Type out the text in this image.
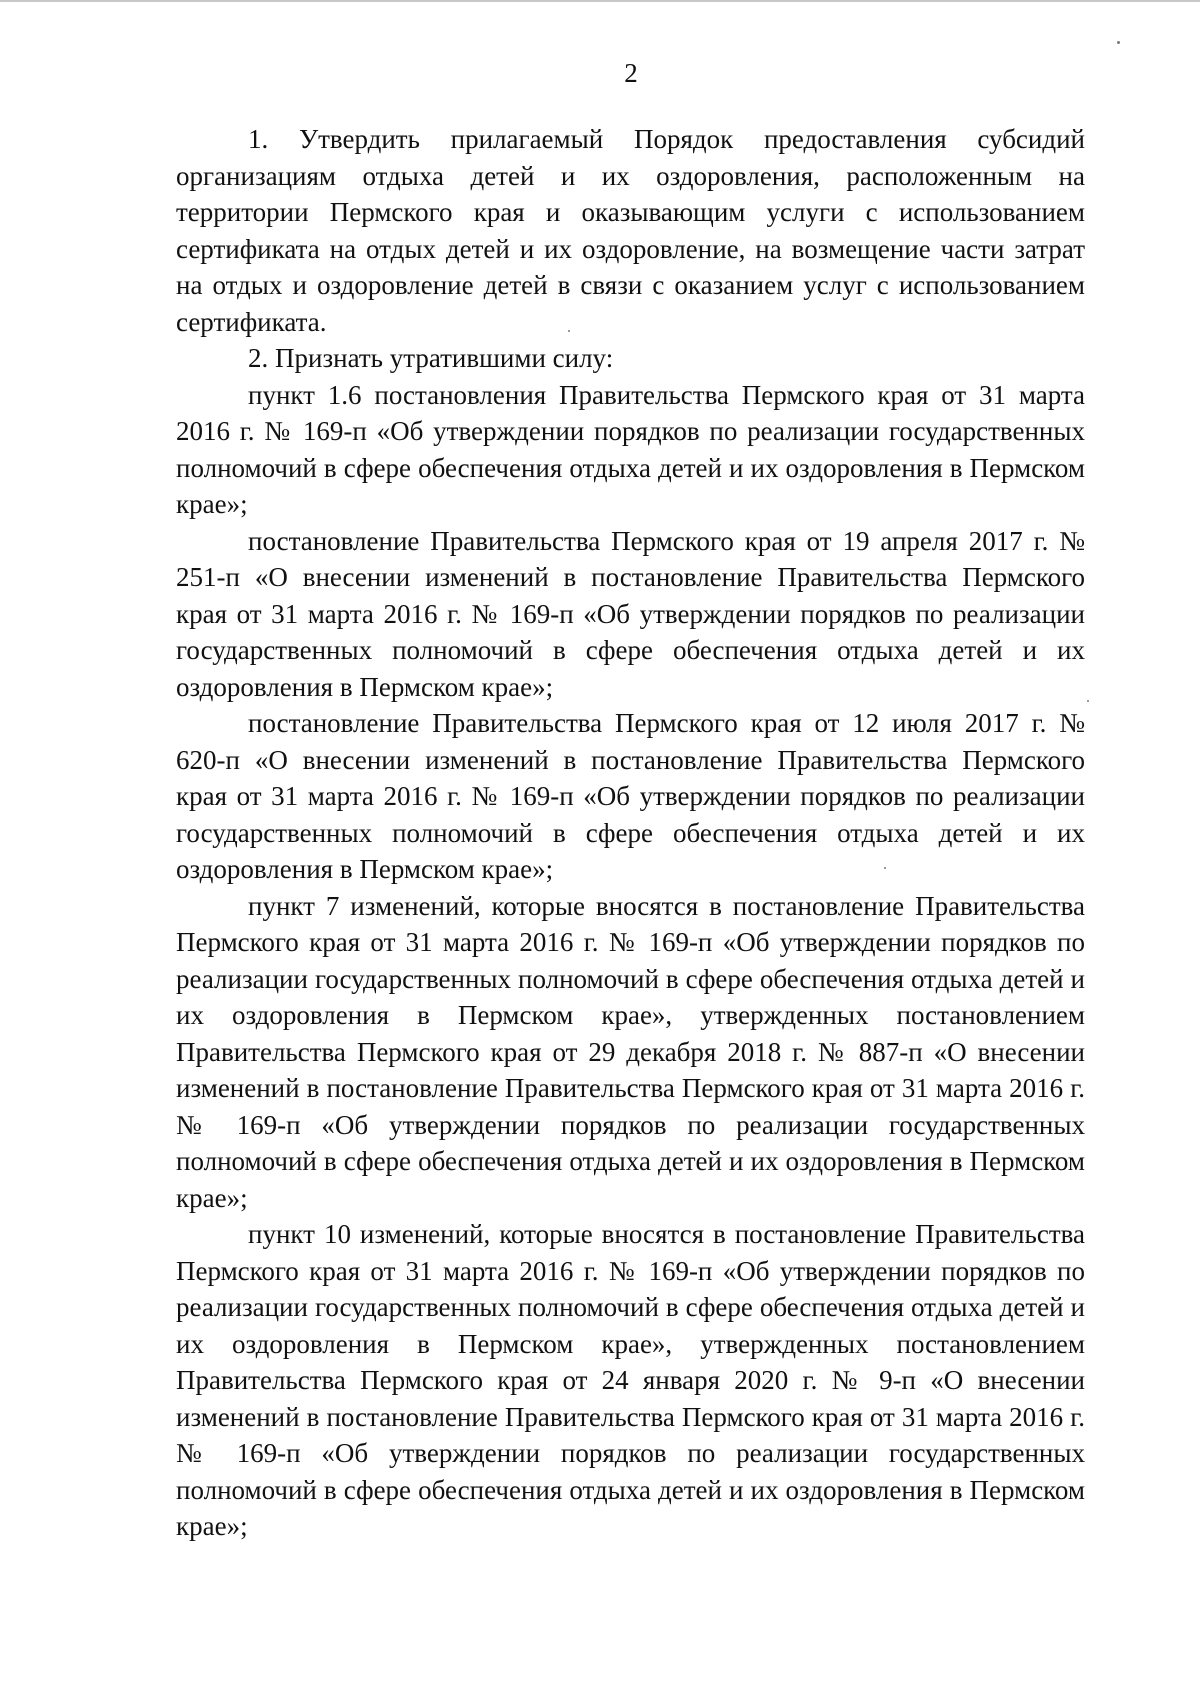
2

1. Утвердить прилагаемый Порядок предоставления субсидий организациям отдыха детей и их оздоровления, расположенным на территории Пермского края и оказывающим услуги с использованием сертификата на отдых детей и их оздоровление, на возмещение части затрат на отдых и оздоровление детей в связи с оказанием услуг с использованием сертификата.

2. Признать утратившими силу:

пункт 1.6 постановления Правительства Пермского края от 31 марта 2016 г. № 169-п «Об утверждении порядков по реализации государственных полномочий в сфере обеспечения отдыха детей и их оздоровления в Пермском крае»;

постановление Правительства Пермского края от 19 апреля 2017 г. № 251-п «О внесении изменений в постановление Правительства Пермского края от 31 марта 2016 г. № 169-п «Об утверждении порядков по реализации государственных полномочий в сфере обеспечения отдыха детей и их оздоровления в Пермском крае»;

постановление Правительства Пермского края от 12 июля 2017 г. № 620-п «О внесении изменений в постановление Правительства Пермского края от 31 марта 2016 г. № 169-п «Об утверждении порядков по реализации государственных полномочий в сфере обеспечения отдыха детей и их оздоровления в Пермском крае»;

пункт 7 изменений, которые вносятся в постановление Правительства Пермского края от 31 марта 2016 г. № 169-п «Об утверждении порядков по реализации государственных полномочий в сфере обеспечения отдыха детей и их оздоровления в Пермском крае», утвержденных постановлением Правительства Пермского края от 29 декабря 2018 г. № 887-п «О внесении изменений в постановление Правительства Пермского края от 31 марта 2016 г. № 169-п «Об утверждении порядков по реализации государственных полномочий в сфере обеспечения отдыха детей и их оздоровления в Пермском крае»;

пункт 10 изменений, которые вносятся в постановление Правительства Пермского края от 31 марта 2016 г. № 169-п «Об утверждении порядков по реализации государственных полномочий в сфере обеспечения отдыха детей и их оздоровления в Пермском крае», утвержденных постановлением Правительства Пермского края от 24 января 2020 г. № 9-п «О внесении изменений в постановление Правительства Пермского края от 31 марта 2016 г. № 169-п «Об утверждении порядков по реализации государственных полномочий в сфере обеспечения отдыха детей и их оздоровления в Пермском крае»;
